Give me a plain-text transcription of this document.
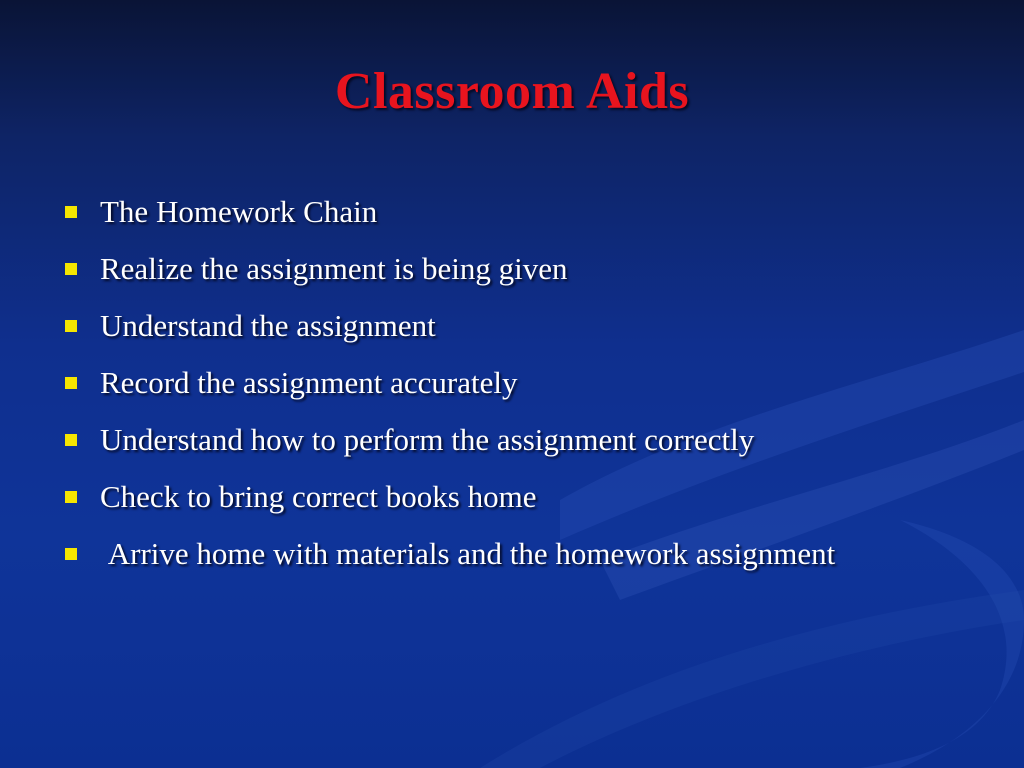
Classroom Aids
The Homework Chain
Realize the assignment is being given
Understand the assignment
Record the assignment accurately
Understand how to perform the assignment correctly
Check to bring correct books home
Arrive home with materials and the homework assignment
